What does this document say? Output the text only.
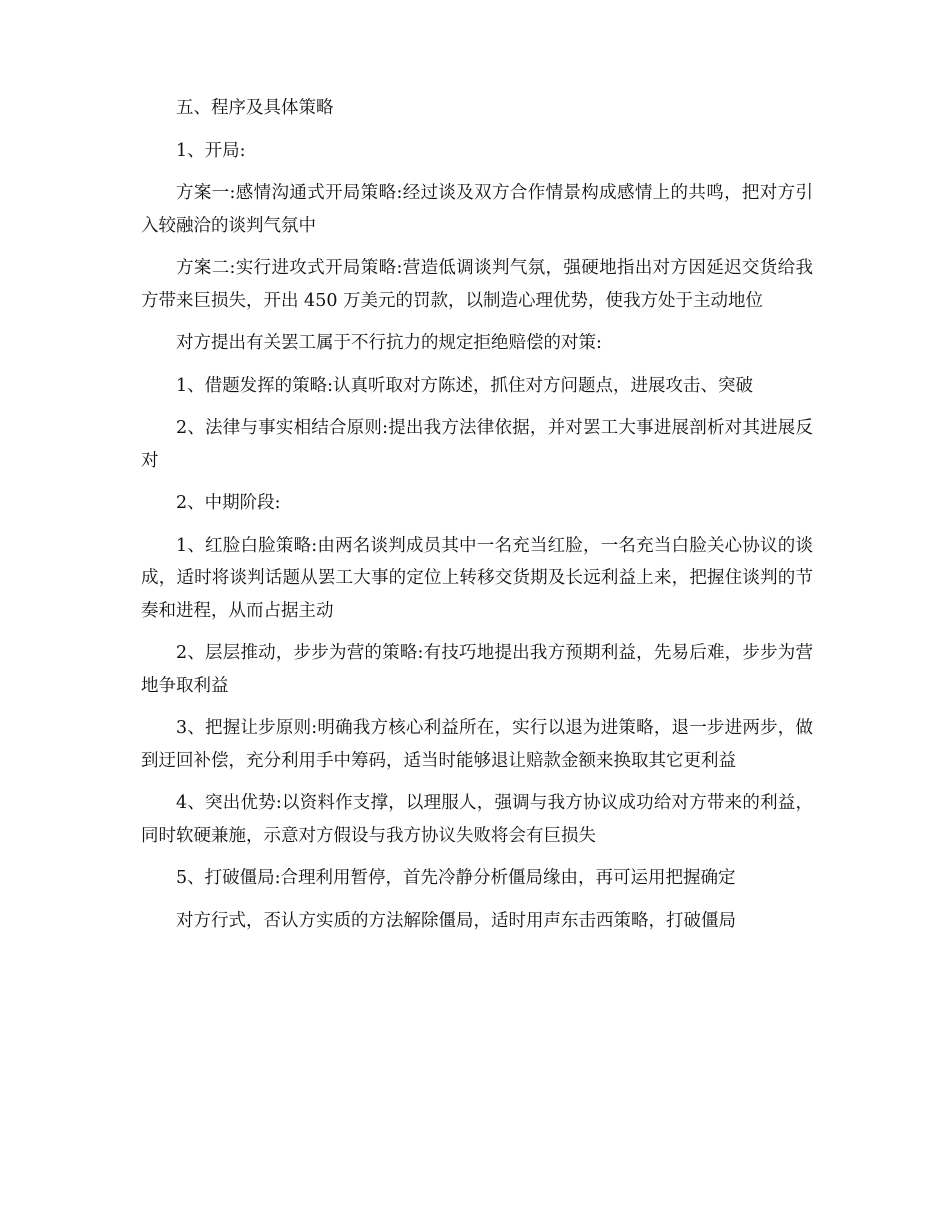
五、程序及具体策略

1、开局:

方案一:感情沟通式开局策略:经过谈及双方合作情景构成感情上的共鸣，把对方引入较融洽的谈判气氛中

方案二:实行进攻式开局策略:营造低调谈判气氛，强硬地指出对方因延迟交货给我方带来巨损失，开出 450 万美元的罚款，以制造心理优势，使我方处于主动地位

对方提出有关罢工属于不行抗力的规定拒绝赔偿的对策:

1、借题发挥的策略:认真听取对方陈述，抓住对方问题点，进展攻击、突破

2、法律与事实相结合原则:提出我方法律依据，并对罢工大事进展剖析对其进展反对

2、中期阶段:

1、红脸白脸策略:由两名谈判成员其中一名充当红脸，一名充当白脸关心协议的谈成，适时将谈判话题从罢工大事的定位上转移交货期及长远利益上来，把握住谈判的节奏和进程，从而占据主动

2、层层推动，步步为营的策略:有技巧地提出我方预期利益，先易后难，步步为营地争取利益

3、把握让步原则:明确我方核心利益所在，实行以退为进策略，退一步进两步，做到迂回补偿，充分利用手中筹码，适当时能够退让赔款金额来换取其它更利益

4、突出优势:以资料作支撑，以理服人，强调与我方协议成功给对方带来的利益，同时软硬兼施，示意对方假设与我方协议失败将会有巨损失

5、打破僵局:合理利用暂停，首先冷静分析僵局缘由，再可运用把握确定

对方行式，否认方实质的方法解除僵局，适时用声东击西策略，打破僵局
